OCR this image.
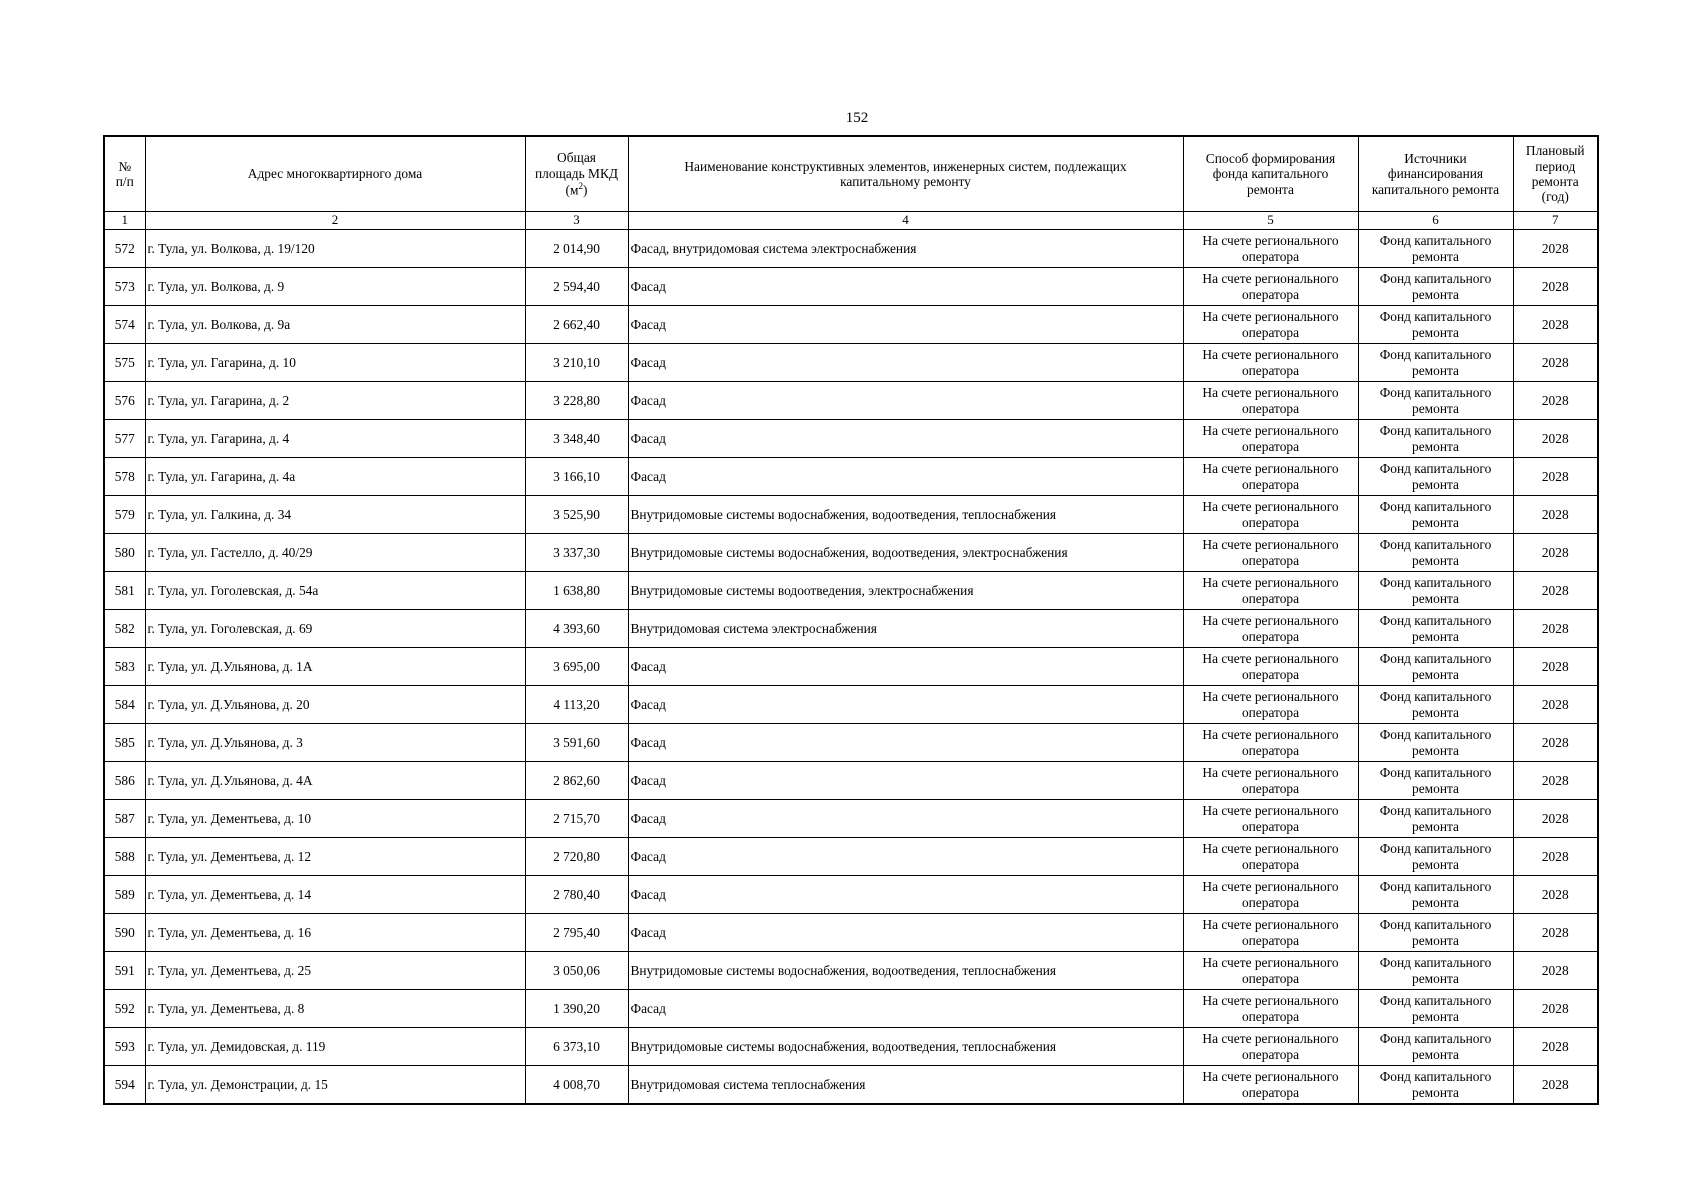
152
№
п/п	Адрес многоквартирного дома	Общая
площадь МКД
$(м^2)$	Наименование конструктивных элементов, инженерных систем, подлежащих
капитальному ремонту	Способ формирования
фонда капитального
ремонта	Источники
финансирования
капитального ремонта	Плановый
период
ремонта
(год)
1	2	3	4	5	6	7
572	г. Тула, ул. Волкова, д. 19/120	2 014,90	Фасад, внутридомовая система электроснабжения	На счете регионального
оператора	Фонд капитального
ремонта	2028
573	г. Тула, ул. Волкова, д. 9	2 594,40	Фасад	На счете регионального
оператора	Фонд капитального
ремонта	2028
574	г. Тула, ул. Волкова, д. 9а	2 662,40	Фасад	На счете регионального
оператора	Фонд капитального
ремонта	2028
575	г. Тула, ул. Гагарина, д. 10	3 210,10	Фасад	На счете регионального
оператора	Фонд капитального
ремонта	2028
576	г. Тула, ул. Гагарина, д. 2	3 228,80	Фасад	На счете регионального
оператора	Фонд капитального
ремонта	2028
577	г. Тула, ул. Гагарина, д. 4	3 348,40	Фасад	На счете регионального
оператора	Фонд капитального
ремонта	2028
578	г. Тула, ул. Гагарина, д. 4а	3 166,10	Фасад	На счете регионального
оператора	Фонд капитального
ремонта	2028
579	г. Тула, ул. Галкина, д. 34	3 525,90	Внутридомовые системы водоснабжения, водоотведения, теплоснабжения	На счете регионального
оператора	Фонд капитального
ремонта	2028
580	г. Тула, ул. Гастелло, д. 40/29	3 337,30	Внутридомовые системы водоснабжения, водоотведения, электроснабжения	На счете регионального
оператора	Фонд капитального
ремонта	2028
581	г. Тула, ул. Гоголевская, д. 54а	1 638,80	Внутридомовые системы водоотведения, электроснабжения	На счете регионального
оператора	Фонд капитального
ремонта	2028
582	г. Тула, ул. Гоголевская, д. 69	4 393,60	Внутридомовая система электроснабжения	На счете регионального
оператора	Фонд капитального
ремонта	2028
583	г. Тула, ул. Д.Ульянова, д. 1А	3 695,00	Фасад	На счете регионального
оператора	Фонд капитального
ремонта	2028
584	г. Тула, ул. Д.Ульянова, д. 20	4 113,20	Фасад	На счете регионального
оператора	Фонд капитального
ремонта	2028
585	г. Тула, ул. Д.Ульянова, д. 3	3 591,60	Фасад	На счете регионального
оператора	Фонд капитального
ремонта	2028
586	г. Тула, ул. Д.Ульянова, д. 4А	2 862,60	Фасад	На счете регионального
оператора	Фонд капитального
ремонта	2028
587	г. Тула, ул. Дементьева, д. 10	2 715,70	Фасад	На счете регионального
оператора	Фонд капитального
ремонта	2028
588	г. Тула, ул. Дементьева, д. 12	2 720,80	Фасад	На счете регионального
оператора	Фонд капитального
ремонта	2028
589	г. Тула, ул. Дементьева, д. 14	2 780,40	Фасад	На счете регионального
оператора	Фонд капитального
ремонта	2028
590	г. Тула, ул. Дементьева, д. 16	2 795,40	Фасад	На счете регионального
оператора	Фонд капитального
ремонта	2028
591	г. Тула, ул. Дементьева, д. 25	3 050,06	Внутридомовые системы водоснабжения, водоотведения, теплоснабжения	На счете регионального
оператора	Фонд капитального
ремонта	2028
592	г. Тула, ул. Дементьева, д. 8	1 390,20	Фасад	На счете регионального
оператора	Фонд капитального
ремонта	2028
593	г. Тула, ул. Демидовская, д. 119	6 373,10	Внутридомовые системы водоснабжения, водоотведения, теплоснабжения	На счете регионального
оператора	Фонд капитального
ремонта	2028
594	г. Тула, ул. Демонстрации, д. 15	4 008,70	Внутридомовая система теплоснабжения	На счете регионального
оператора	Фонд капитального
ремонта	2028
